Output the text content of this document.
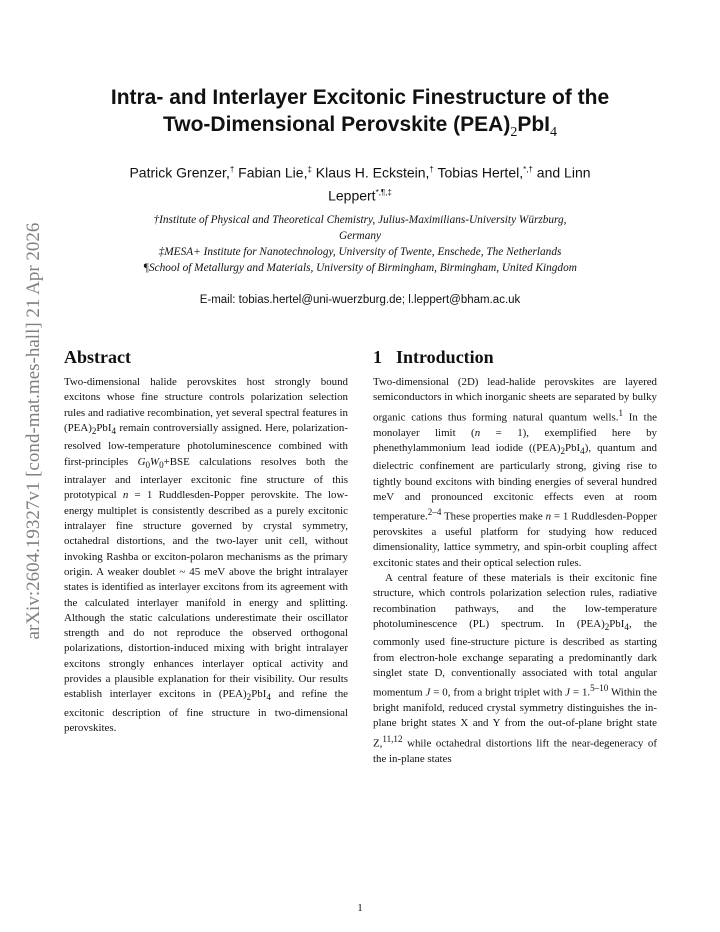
arXiv:2604.19327v1 [cond-mat.mes-hall] 21 Apr 2026
Intra- and Interlayer Excitonic Finestructure of the
Two-Dimensional Perovskite $(PEA)_2PbI_4$
Patrick Grenzer,† Fabian Lie,‡ Klaus H. Eckstein,† Tobias Hertel,*,† and Linn
Leppert*,¶,‡
†Institute of Physical and Theoretical Chemistry, Julius-Maximilians-University Würzburg,
Germany
‡MESA+ Institute for Nanotechnology, University of Twente, Enschede, The Netherlands
¶School of Metallurgy and Materials, University of Birmingham, Birmingham, United Kingdom
E-mail: tobias.hertel@uni-wuerzburg.de; l.leppert@bham.ac.uk
Abstract

Two-dimensional halide perovskites host strongly bound excitons whose fine structure controls polarization selection rules and radiative recombination, yet several spectral features in $(PEA)_2PbI_4$ remain controversially assigned. Here, polarization-resolved low-temperature photoluminescence combined with first-principles $G_0W_0+BSE$ calculations resolves both the intralayer and interlayer excitonic fine structure of this prototypical n = 1 Ruddlesden-Popper perovskite. The low-energy multiplet is consistently described as a purely excitonic intralayer fine structure governed by crystal symmetry, octahedral distortions, and the two-layer unit cell, without invoking Rashba or exciton-polaron mechanisms as the primary origin. A weaker doublet ~ 45 meV above the bright intralayer states is identified as interlayer excitons from its agreement with the calculated interlayer manifold in energy and splitting. Although the static calculations underestimate their oscillator strength and do not reproduce the observed orthogonal polarizations, distortion-induced mixing with bright intralayer excitons strongly enhances interlayer optical activity and provides a plausible explanation for their visibility. Our results establish interlayer excitons in $(PEA)_2PbI_4$ and refine the excitonic description of fine structure in two-dimensional perovskites.

1 Introduction

Two-dimensional (2D) lead-halide perovskites are layered semiconductors in which inorganic sheets are separated by bulky organic cations thus forming natural quantum wells.$^1$ In the monolayer limit (n = 1), exemplified here by phenethylammonium lead iodide $((PEA)_2PbI_4)$, quantum and dielectric confinement are particularly strong, giving rise to tightly bound excitons with binding energies of several hundred meV and pronounced excitonic effects even at room temperature.$^{2-4}$ These properties make n = 1 Ruddlesden-Popper perovskites a useful platform for studying how reduced dimensionality, lattice symmetry, and spin-orbit coupling affect excitonic states and their optical selection rules.

A central feature of these materials is their excitonic fine structure, which controls polarization selection rules, radiative recombination pathways, and the low-temperature photoluminescence (PL) spectrum. In $(PEA)_2PbI_4$, the commonly used fine-structure picture is described as starting from electron-hole exchange separating a predominantly dark singlet state D, conventionally associated with total angular momentum J = 0, from a bright triplet with J = 1.$^{5-10}$ Within the bright manifold, reduced crystal symmetry distinguishes the in-plane bright states X and Y from the out-of-plane bright state Z,$^{11,12}$ while octahedral distortions lift the near-degeneracy of the in-plane states

1
